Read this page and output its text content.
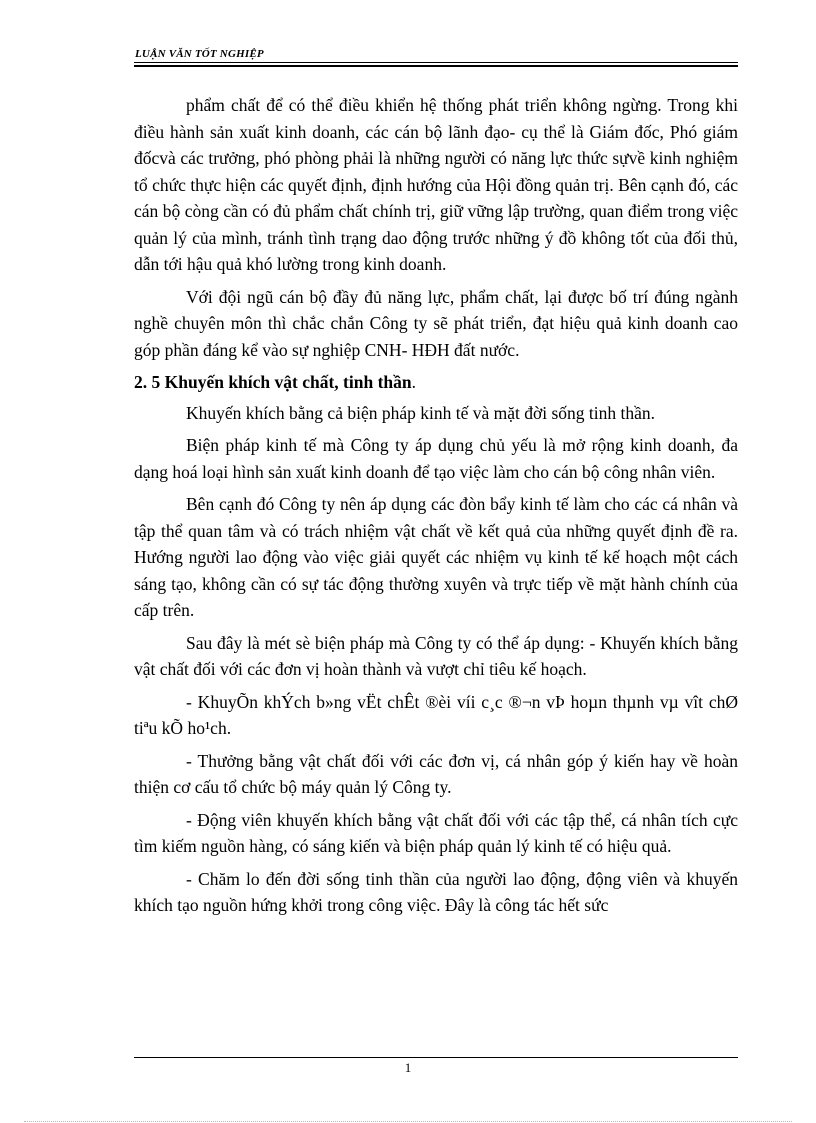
LUẬN VĂN TỐT NGHIỆP

phẩm chất để có thể điều khiển hệ thống phát triển không ngừng. Trong khi điều hành sản xuất kinh doanh, các cán bộ lãnh đạo- cụ thể là Giám đốc, Phó giám đốcvà các trưởng, phó phòng phải là những người có năng lực thức sựvề kinh nghiệm tổ chức thực hiện các quyết định, định hướng của Hội đồng quản trị. Bên cạnh đó, các cán bộ còng cần có đủ phẩm chất chính trị, giữ vững lập trường, quan điểm trong việc quản lý của mình, tránh tình trạng dao động trước những ý đồ không tốt của đối thủ, dẫn tới hậu quả khó lường trong kinh doanh.

Với đội ngũ cán bộ đầy đủ năng lực, phẩm chất, lại được bố trí đúng ngành nghề chuyên môn thì chắc chắn Công ty sẽ phát triển, đạt hiệu quả kinh doanh cao góp phần đáng kể vào sự nghiệp CNH- HĐH đất nước.

2. 5 Khuyến khích vật chất, tinh thần.

Khuyến khích bằng cả biện pháp kinh tế và mặt đời sống tinh thần.

Biện pháp kinh tế mà Công ty áp dụng chủ yếu là mở rộng kinh doanh, đa dạng hoá loại hình sản xuất kinh doanh để tạo việc làm cho cán bộ công nhân viên.

Bên cạnh đó Công ty nên áp dụng các đòn bẩy kinh tế làm cho các cá nhân và tập thể quan tâm và có trách nhiệm vật chất về kết quả của những quyết định đề ra. Hướng người lao động vào việc giải quyết các nhiệm vụ kinh tế kế hoạch một cách sáng tạo, không cần có sự tác động thường xuyên và trực tiếp về mặt hành chính của cấp trên.

Sau đây là mét sè biện pháp mà Công ty có thể áp dụng: - Khuyến khích bằng vật chất đối với các đơn vị hoàn thành và vượt chỉ tiêu kế hoạch.

- KhuyÕn khÝch b»ng vËt chÊt ®èi víi c¸c ®¬n vÞ hoµn thµnh vµ vît chØ tiªu kÕ ho¹ch.

- Thưởng bằng vật chất đối với các đơn vị, cá nhân góp ý kiến hay về hoàn thiện cơ cấu tổ chức bộ máy quản lý Công ty.

- Động viên khuyến khích bằng vật chất đối với các tập thể, cá nhân tích cực tìm kiếm nguồn hàng, có sáng kiến và biện pháp quản lý kinh tế có hiệu quả.

- Chăm lo đến đời sống tinh thần của người lao động, động viên và khuyến khích tạo nguồn hứng khởi trong công việc. Đây là công tác hết sức

1
